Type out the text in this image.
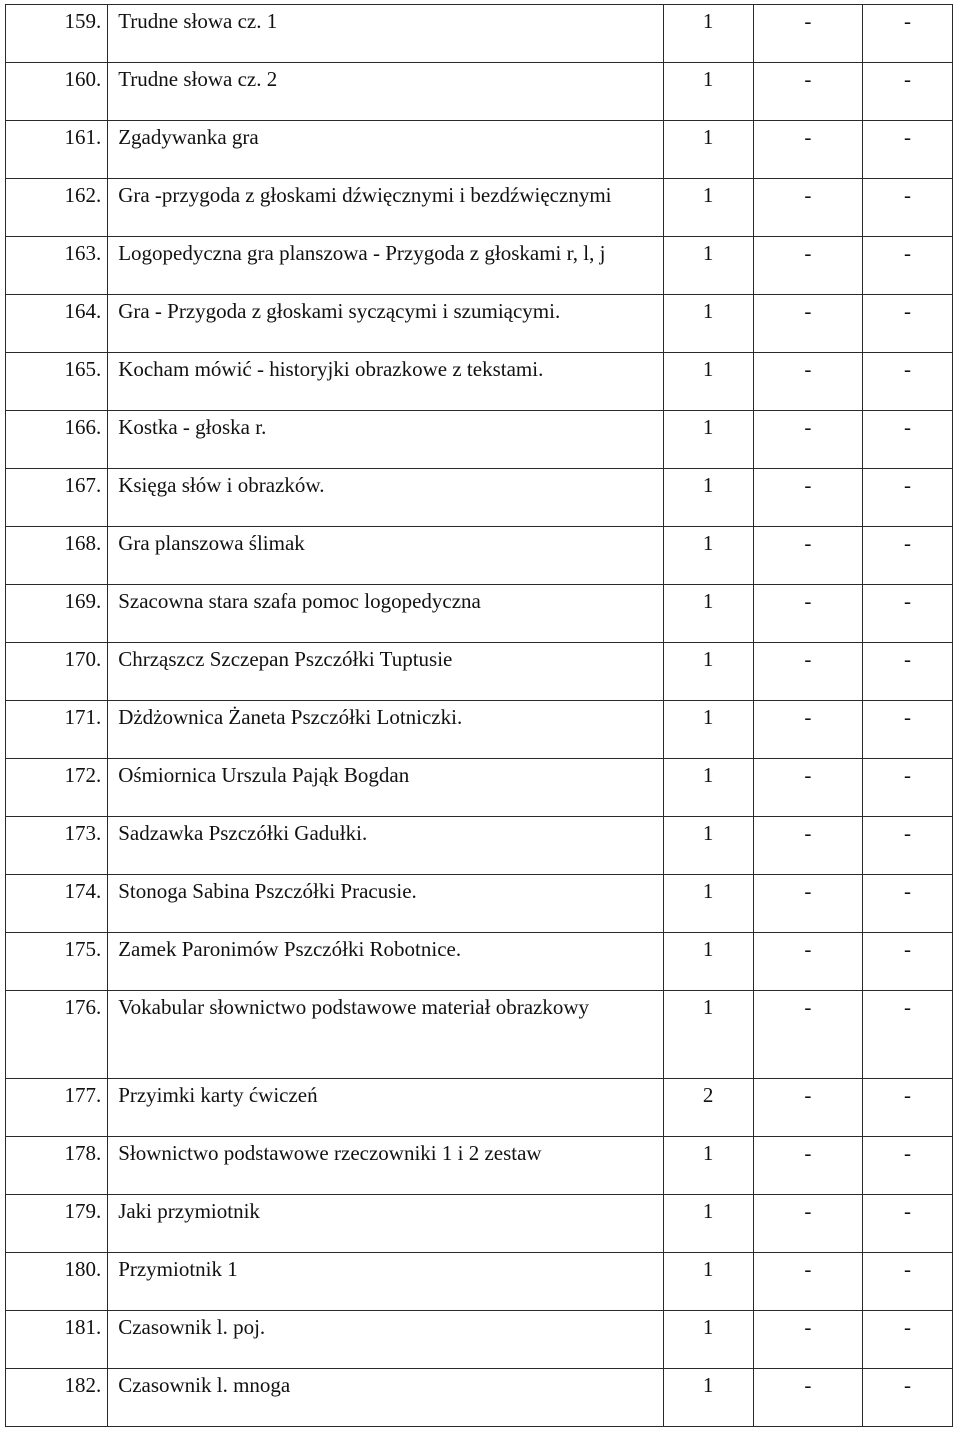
159.	Trudne słowa cz. 1	1	-	-
160.	Trudne słowa cz. 2	1	-	-
161.	Zgadywanka gra	1	-	-
162.	Gra -przygoda z głoskami dźwięcznymi i bezdźwięcznymi	1	-	-
163.	Logopedyczna gra planszowa - Przygoda z głoskami r, l, j	1	-	-
164.	Gra - Przygoda z głoskami syczącymi i szumiącymi.	1	-	-
165.	Kocham mówić - historyjki obrazkowe z tekstami.	1	-	-
166.	Kostka - głoska r.	1	-	-
167.	Księga słów i obrazków.	1	-	-
168.	Gra planszowa ślimak	1	-	-
169.	Szacowna stara szafa pomoc logopedyczna	1	-	-
170.	Chrząszcz Szczepan Pszczółki Tuptusie	1	-	-
171.	Dżdżownica Żaneta Pszczółki Lotniczki.	1	-	-
172.	Ośmiornica Urszula Pająk Bogdan	1	-	-
173.	Sadzawka Pszczółki Gadułki.	1	-	-
174.	Stonoga Sabina Pszczółki Pracusie.	1	-	-
175.	Zamek Paronimów Pszczółki Robotnice.	1	-	-
176.	Vokabular słownictwo podstawowe materiał obrazkowy	1	-	-
177.	Przyimki karty ćwiczeń	2	-	-
178.	Słownictwo podstawowe rzeczowniki 1 i 2 zestaw	1	-	-
179.	Jaki przymiotnik	1	-	-
180.	Przymiotnik 1	1	-	-
181.	Czasownik l. poj.	1	-	-
182.	Czasownik l. mnoga	1	-	-
